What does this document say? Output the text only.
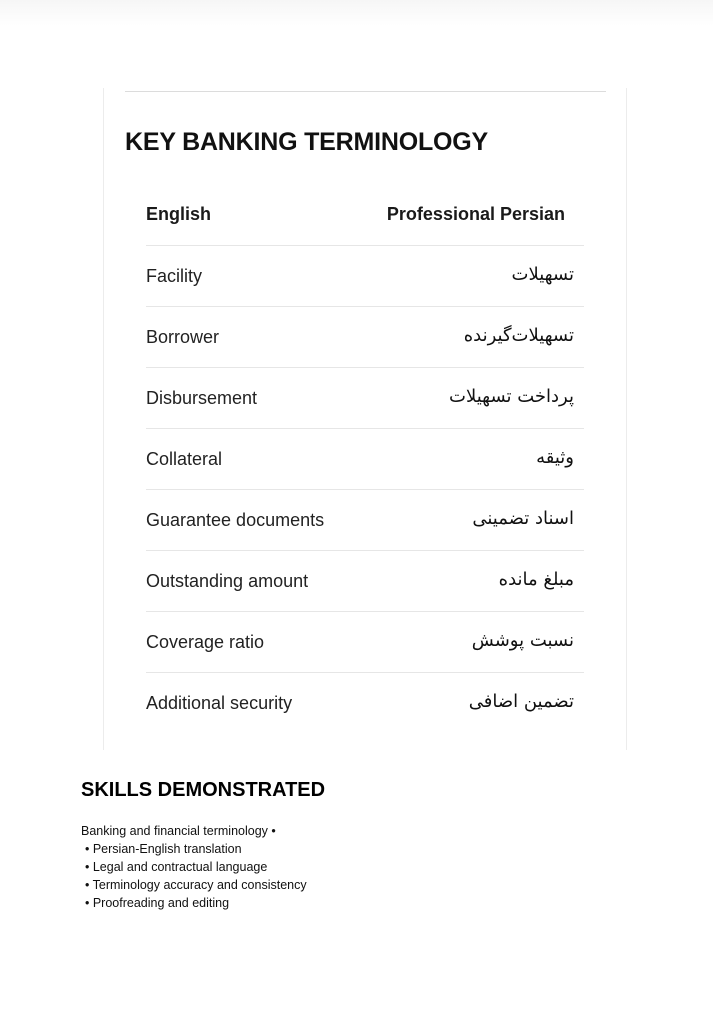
KEY BANKING TERMINOLOGY
English	Professional Persian
Facility	تسهیلات
Borrower	تسهیلات‌گیرنده
Disbursement	پرداخت تسهیلات
Collateral	وثیقه
Guarantee documents	اسناد تضمینی
Outstanding amount	مبلغ مانده
Coverage ratio	نسبت پوشش
Additional security	تضمین اضافی
SKILLS DEMONSTRATED
Banking and financial terminology •
• Persian-English translation
• Legal and contractual language
• Terminology accuracy and consistency
• Proofreading and editing
